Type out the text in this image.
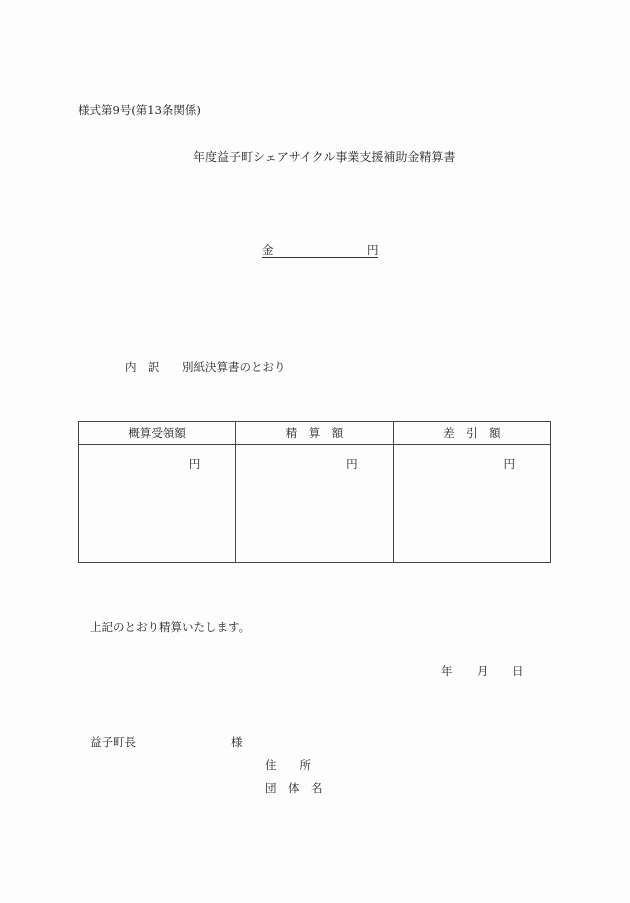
様式第9号(第13条関係)
年度益子町シェアサイクル事業支援補助金精算書
金	円
内　訳 別紙決算書のとおり
概算受領額	精　算　額	差　引　額
円	円	円
上記のとおり精算いたします。
年 月 日
益子町長	様
住　　所
団　体　名
